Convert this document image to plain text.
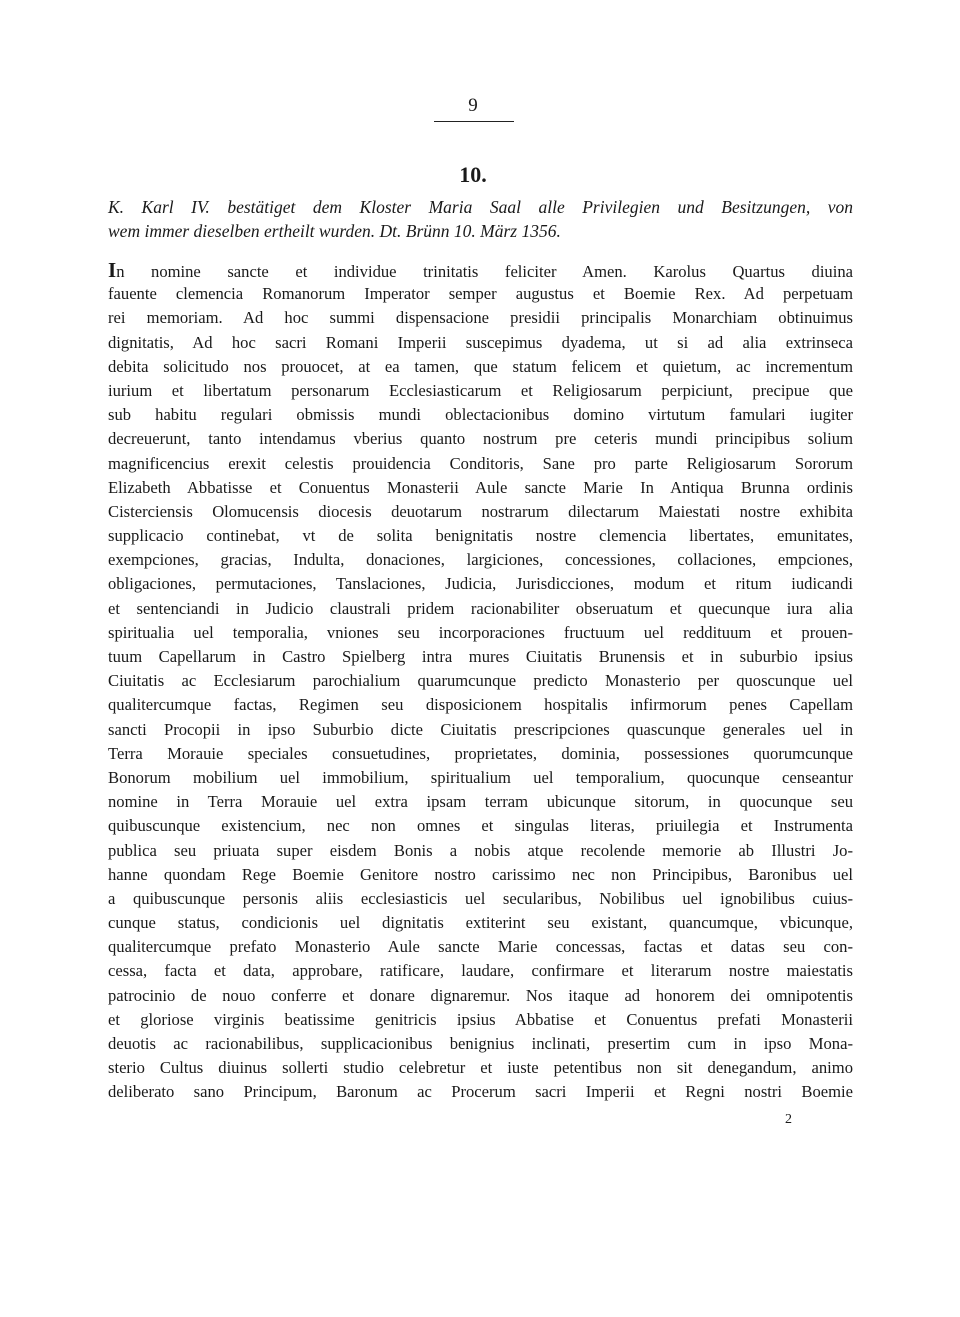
9
10.
K. Karl IV. bestätiget dem Kloster Maria Saal alle Privilegien und Besitzungen, von
wem immer dieselben ertheilt wurden. Dt. Brünn 10. März 1356.
In nomine sancte et individue trinitatis feliciter Amen. Karolus Quartus diuina
fauente clemencia Romanorum Imperator semper augustus et Boemie Rex. Ad perpetuam
rei memoriam. Ad hoc summi dispensacione presidii principalis Monarchiam obtinuimus
dignitatis, Ad hoc sacri Romani Imperii suscepimus dyadema, ut si ad alia extrinseca
debita solicitudo nos prouocet, at ea tamen, que statum felicem et quietum, ac incrementum
iurium et libertatum personarum Ecclesiasticarum et Religiosarum perpiciunt, precipue que
sub habitu regulari obmissis mundi oblectacionibus domino virtutum famulari iugiter
decreuerunt, tanto intendamus vberius quanto nostrum pre ceteris mundi principibus solium
magnificencius erexit celestis prouidencia Conditoris, Sane pro parte Religiosarum Sororum
Elizabeth Abbatisse et Conuentus Monasterii Aule sancte Marie In Antiqua Brunna ordinis
Cisterciensis Olomucensis diocesis deuotarum nostrarum dilectarum Maiestati nostre exhibita
supplicacio continebat, vt de solita benignitatis nostre clemencia libertates, emunitates,
exempciones, gracias, Indulta, donaciones, largiciones, concessiones, collaciones, empciones,
obligaciones, permutaciones, Tanslaciones, Judicia, Jurisdicciones, modum et ritum iudicandi
et sentenciandi in Judicio claustrali pridem racionabiliter obseruatum et quecunque iura alia
spiritualia uel temporalia, vniones seu incorporaciones fructuum uel reddituum et prouen-
tuum Capellarum in Castro Spielberg intra mures Ciuitatis Brunensis et in suburbio ipsius
Ciuitatis ac Ecclesiarum parochialium quarumcunque predicto Monasterio per quoscunque uel
qualitercumque factas, Regimen seu disposicionem hospitalis infirmorum penes Capellam
sancti Procopii in ipso Suburbio dicte Ciuitatis prescripciones quascunque generales uel in
Terra Morauie speciales consuetudines, proprietates, dominia, possessiones quorumcunque
Bonorum mobilium uel immobilium, spiritualium uel temporalium, quocunque censeantur
nomine in Terra Morauie uel extra ipsam terram ubicunque sitorum, in quocunque seu
quibuscunque existencium, nec non omnes et singulas literas, priuilegia et Instrumenta
publica seu priuata super eisdem Bonis a nobis atque recolende memorie ab Illustri Jo-
hanne quondam Rege Boemie Genitore nostro carissimo nec non Principibus, Baronibus uel
a quibuscunque personis aliis ecclesiasticis uel secularibus, Nobilibus uel ignobilibus cuius-
cunque status, condicionis uel dignitatis extiterint seu existant, quancumque, vbicunque,
qualitercumque prefato Monasterio Aule sancte Marie concessas, factas et datas seu con-
cessa, facta et data, approbare, ratificare, laudare, confirmare et literarum nostre maiestatis
patrocinio de nouo conferre et donare dignaremur. Nos itaque ad honorem dei omnipotentis
et gloriose virginis beatissime genitricis ipsius Abbatise et Conuentus prefati Monasterii
deuotis ac racionabilibus, supplicacionibus benignius inclinati, presertim cum in ipso Mona-
sterio Cultus diuinus sollerti studio celebretur et iuste petentibus non sit denegandum, animo
deliberato sano Principum, Baronum ac Procerum sacri Imperii et Regni nostri Boemie
2
